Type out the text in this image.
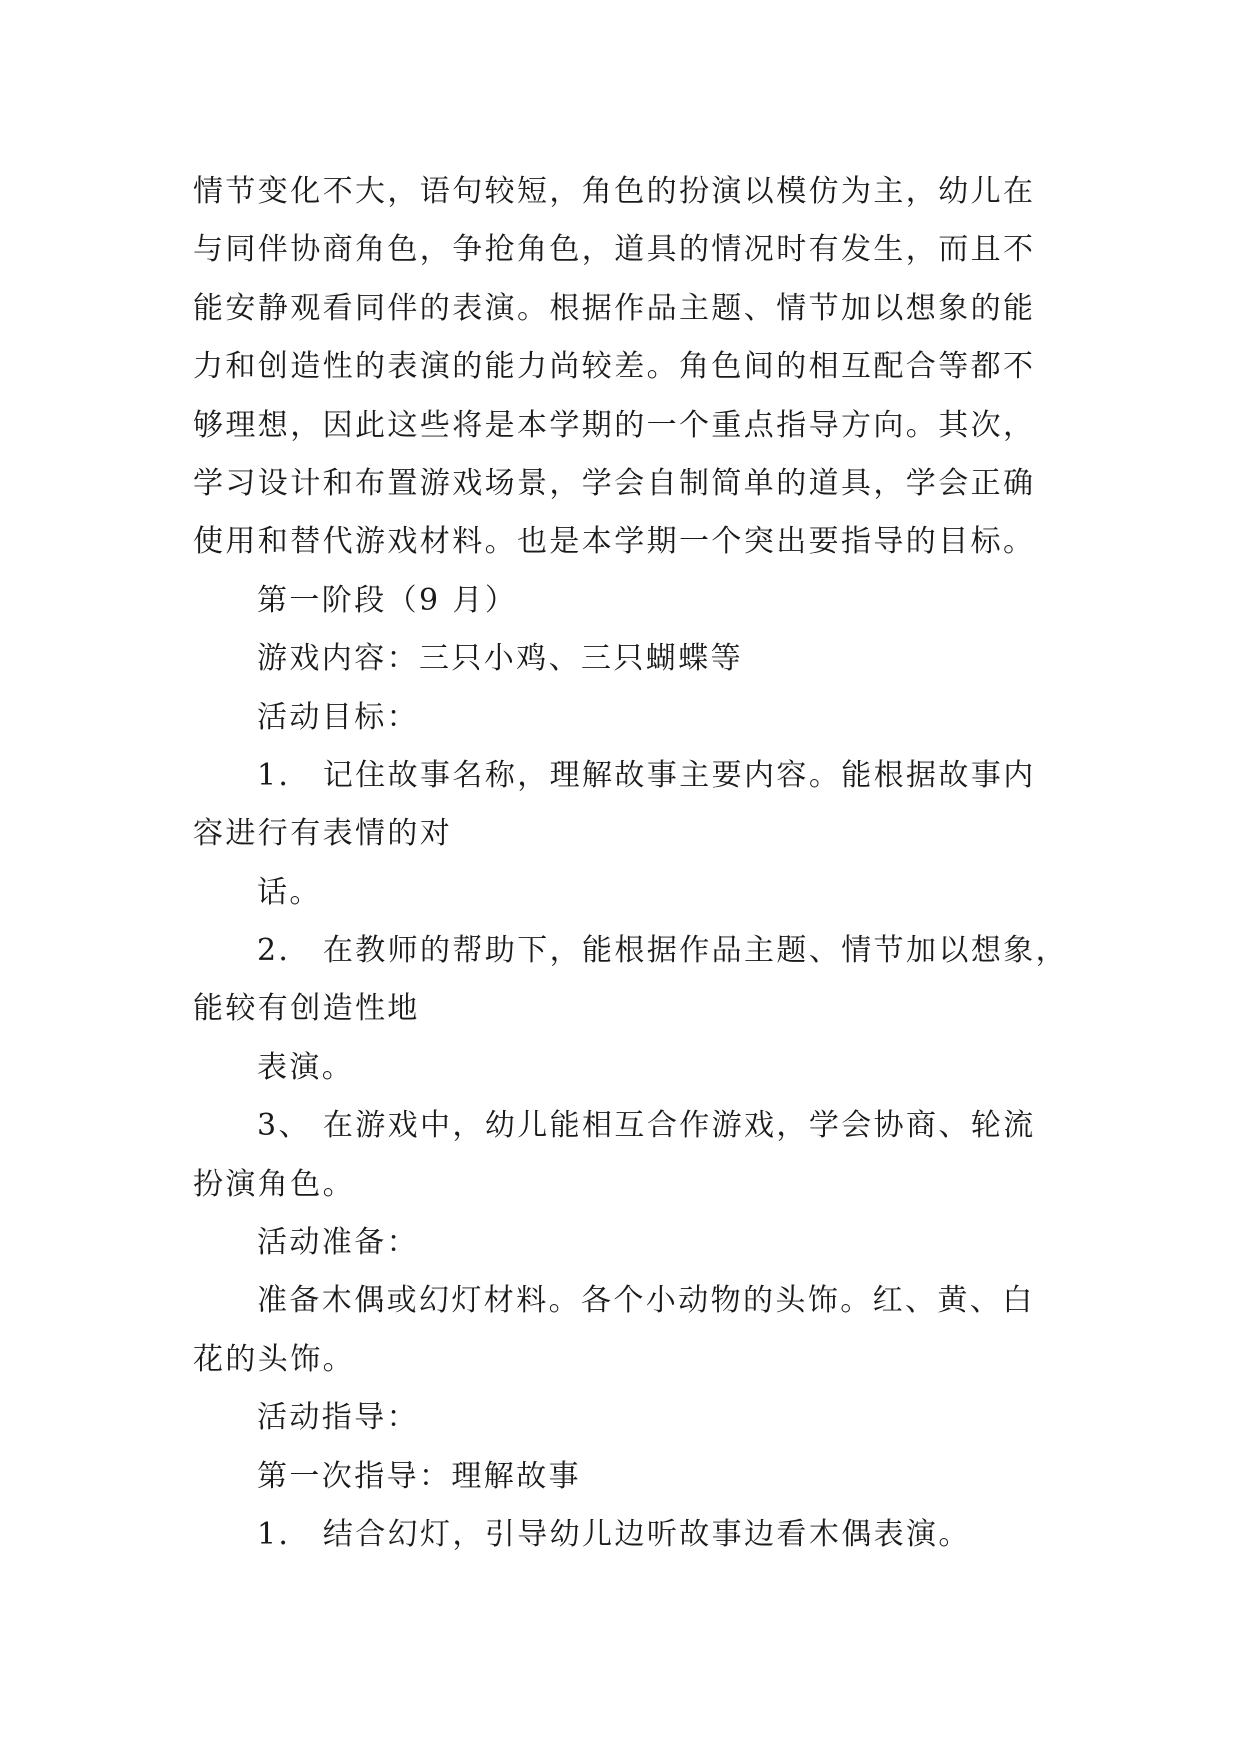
情节变化不大，语句较短，角色的扮演以模仿为主，幼儿在
与同伴协商角色，争抢角色，道具的情况时有发生，而且不
能安静观看同伴的表演。根据作品主题、情节加以想象的能
力和创造性的表演的能力尚较差。角色间的相互配合等都不
够理想，因此这些将是本学期的一个重点指导方向。其次，
学习设计和布置游戏场景，学会自制简单的道具，学会正确
使用和替代游戏材料。也是本学期一个突出要指导的目标。
第一阶段（9 月）
游戏内容：三只小鸡、三只蝴蝶等
活动目标：
1． 记住故事名称，理解故事主要内容。能根据故事内
容进行有表情的对
话。
2． 在教师的帮助下，能根据作品主题、情节加以想象，
能较有创造性地
表演。
3、 在游戏中，幼儿能相互合作游戏，学会协商、轮流
扮演角色。
活动准备：
准备木偶或幻灯材料。各个小动物的头饰。红、黄、白
花的头饰。
活动指导：
第一次指导：理解故事
1． 结合幻灯，引导幼儿边听故事边看木偶表演。
